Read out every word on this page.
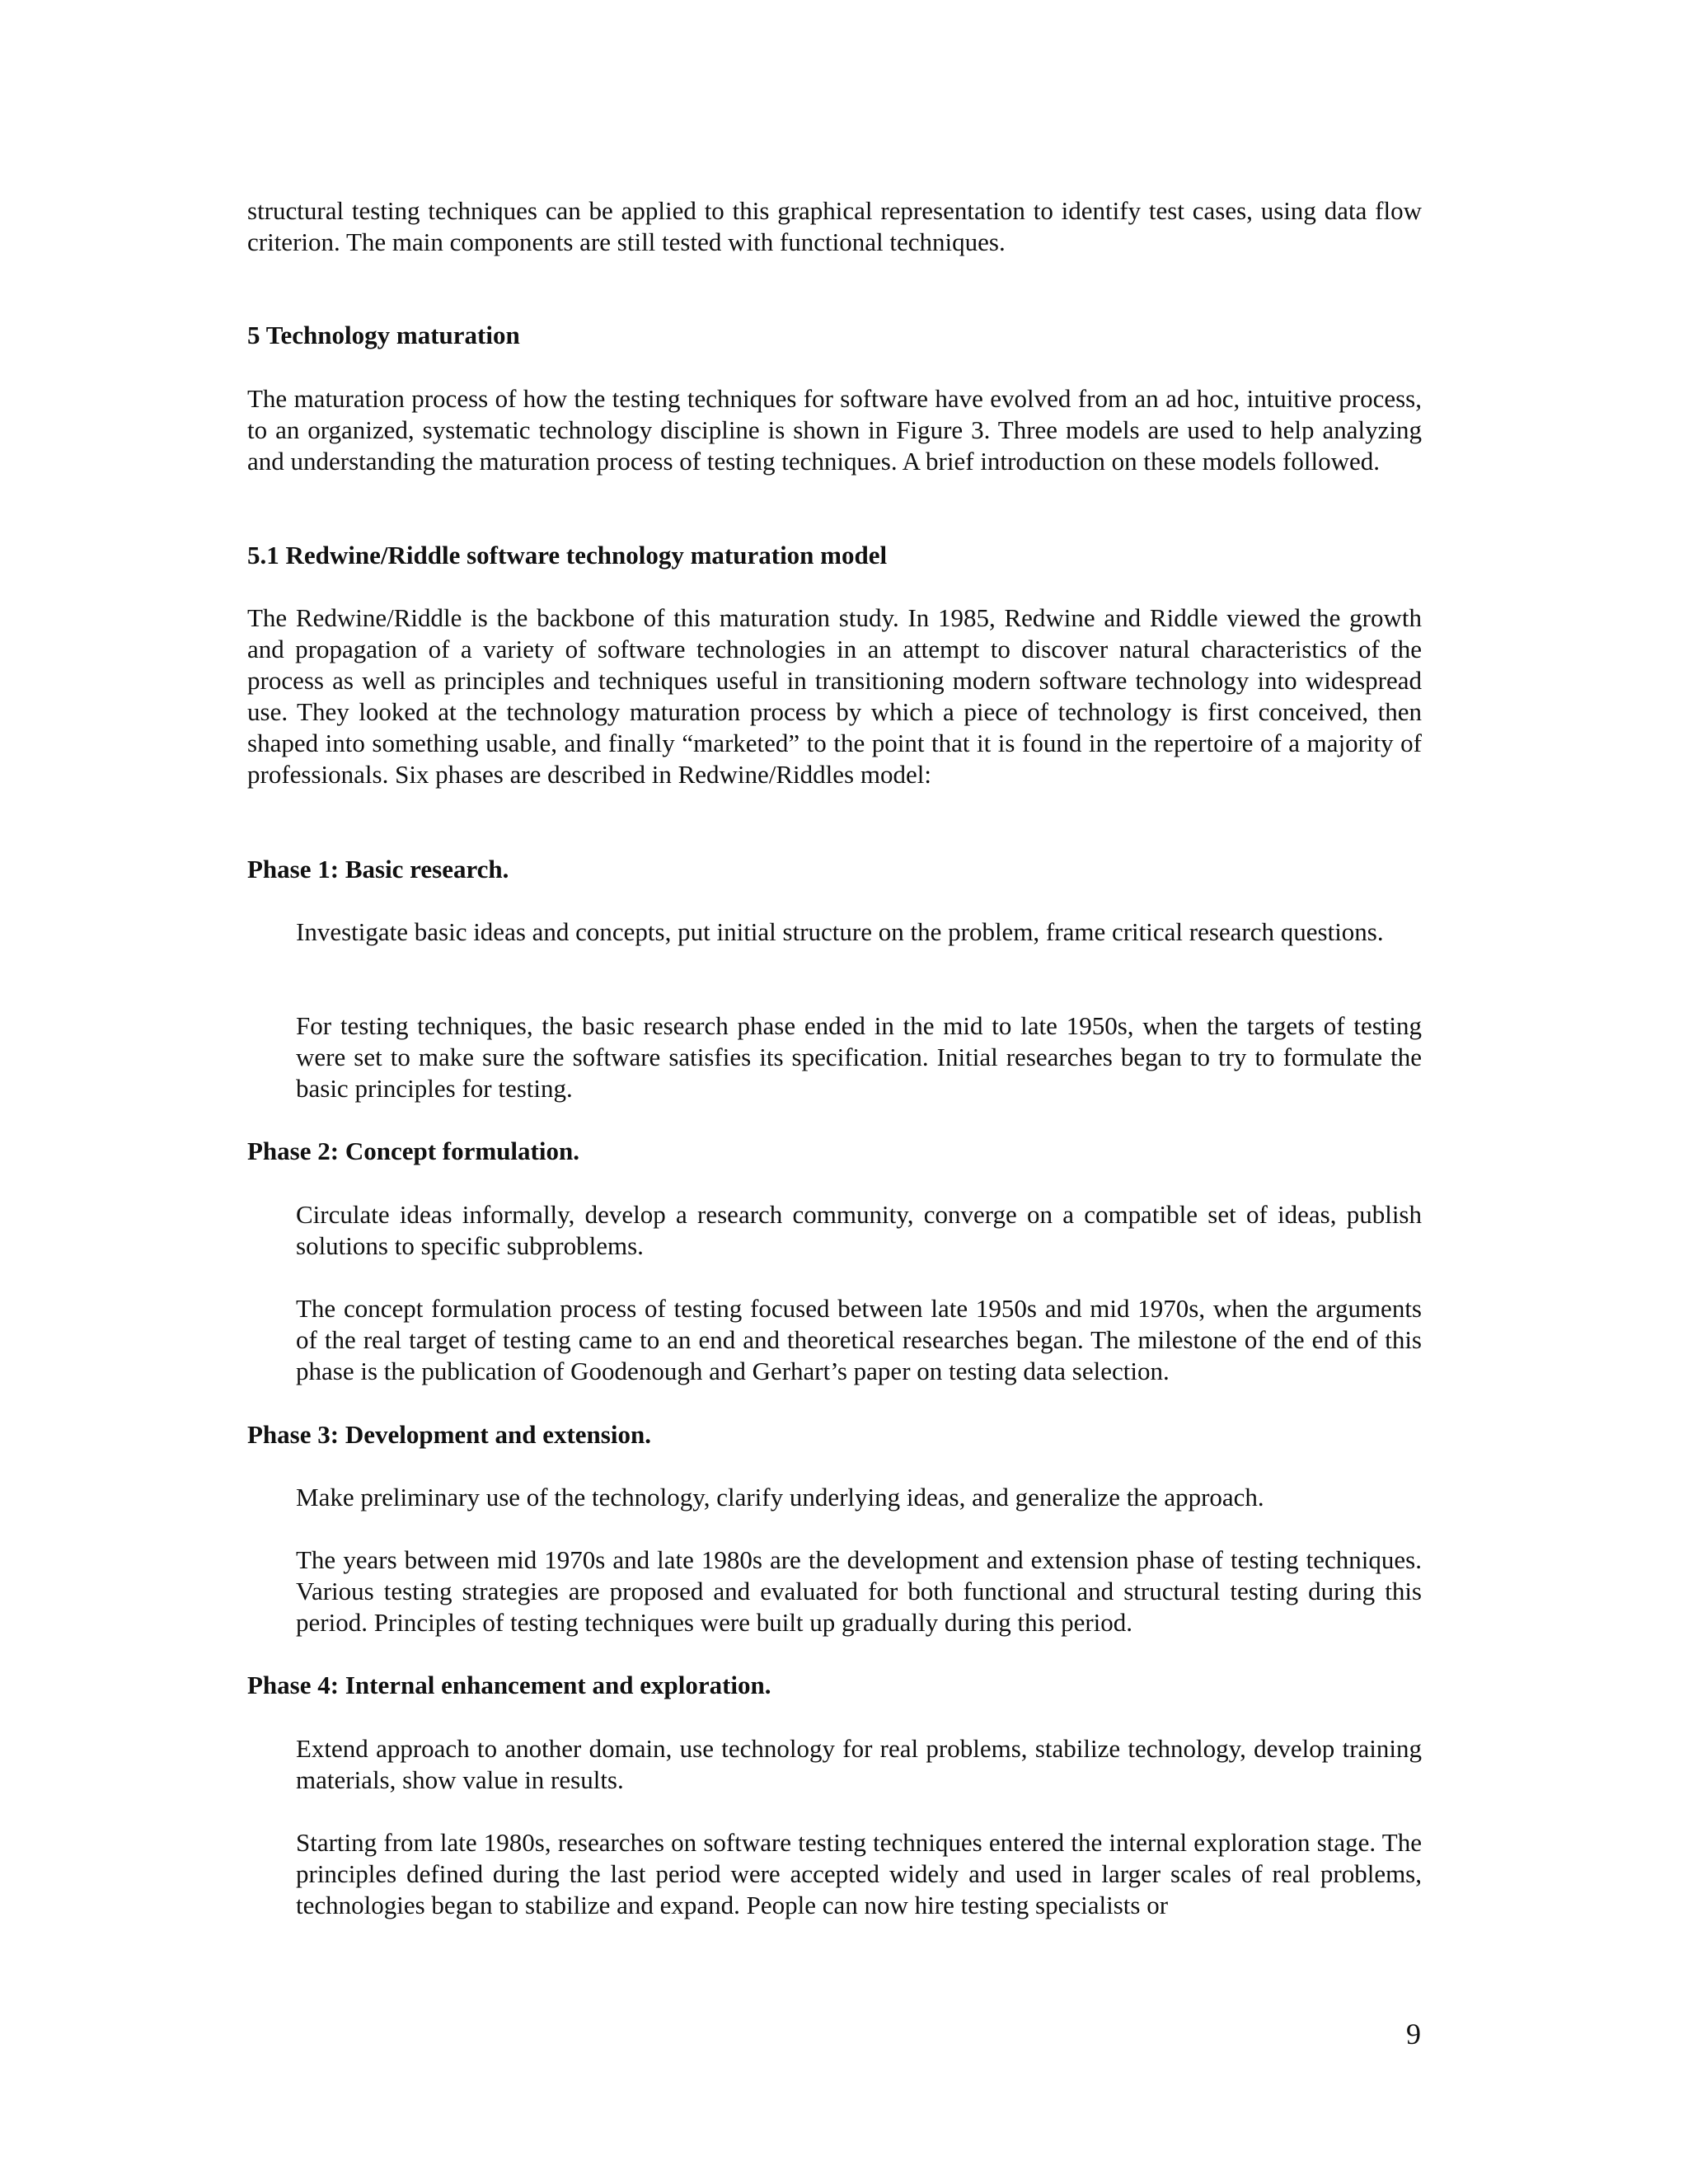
structural testing techniques can be applied to this graphical representation to identify test cases, using data flow criterion. The main components are still tested with functional techniques.

5 Technology maturation

The maturation process of how the testing techniques for software have evolved from an ad hoc, intuitive process, to an organized, systematic technology discipline is shown in Figure 3. Three models are used to help analyzing and understanding the maturation process of testing techniques. A brief introduction on these models followed.

5.1 Redwine/Riddle software technology maturation model

The Redwine/Riddle is the backbone of this maturation study. In 1985, Redwine and Riddle viewed the growth and propagation of a variety of software technologies in an attempt to discover natural characteristics of the process as well as principles and techniques useful in transitioning modern software technology into widespread use. They looked at the technology maturation process by which a piece of technology is first conceived, then shaped into something usable, and finally “marketed” to the point that it is found in the repertoire of a majority of professionals. Six phases are described in Redwine/Riddles model:

Phase 1: Basic research.

Investigate basic ideas and concepts, put initial structure on the problem, frame critical research questions.

For testing techniques, the basic research phase ended in the mid to late 1950s, when the targets of testing were set to make sure the software satisfies its specification. Initial researches began to try to formulate the basic principles for testing.

Phase 2: Concept formulation.

Circulate ideas informally, develop a research community, converge on a compatible set of ideas, publish solutions to specific subproblems.

The concept formulation process of testing focused between late 1950s and mid 1970s, when the arguments of the real target of testing came to an end and theoretical researches began. The milestone of the end of this phase is the publication of Goodenough and Gerhart’s paper on testing data selection.

Phase 3: Development and extension.

Make preliminary use of the technology, clarify underlying ideas, and generalize the approach.

The years between mid 1970s and late 1980s are the development and extension phase of testing techniques. Various testing strategies are proposed and evaluated for both functional and structural testing during this period. Principles of testing techniques were built up gradually during this period.

Phase 4: Internal enhancement and exploration.

Extend approach to another domain, use technology for real problems, stabilize technology, develop training materials, show value in results.

Starting from late 1980s, researches on software testing techniques entered the internal exploration stage. The principles defined during the last period were accepted widely and used in larger scales of real problems, technologies began to stabilize and expand. People can now hire testing specialists or

9
